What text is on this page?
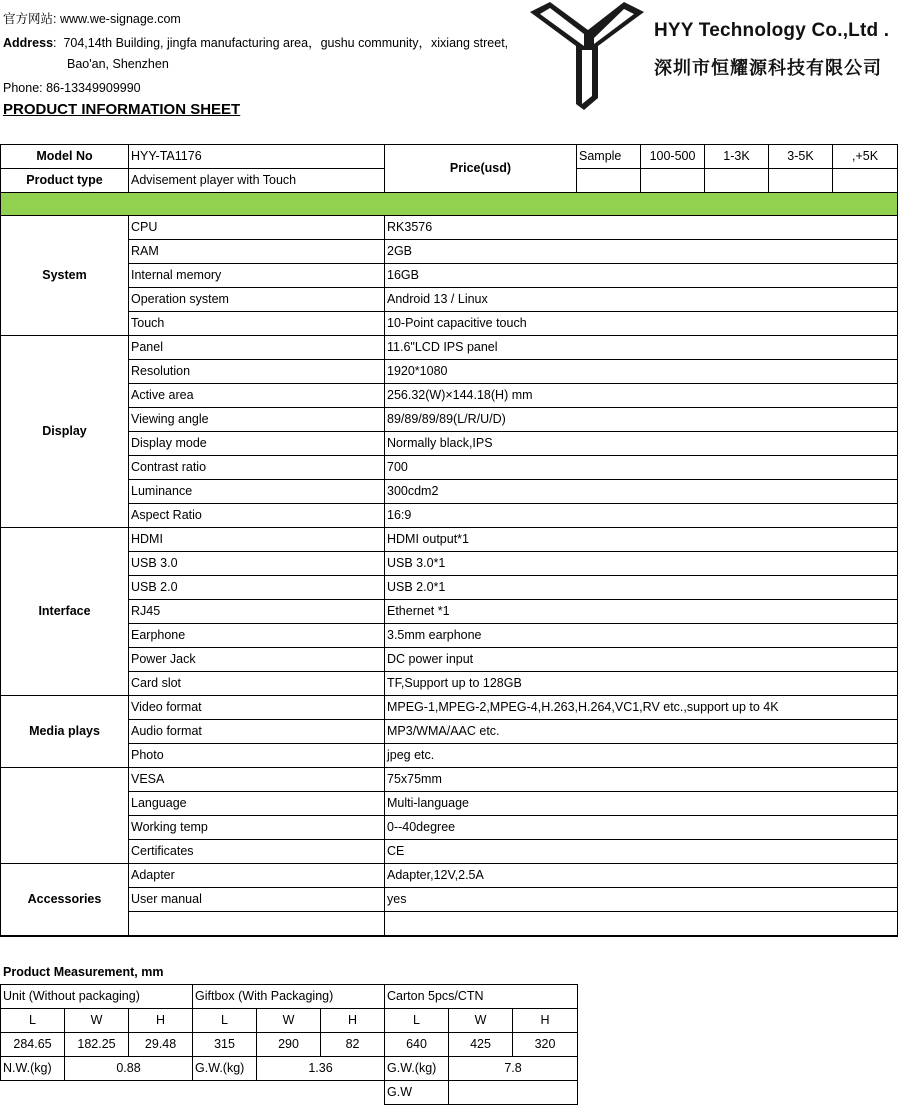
官方网站: www.we-signage.com
Address:  704,14th Building, jingfa manufacturing area，gushu community，xixiang street,
Bao'an, Shenzhen
Phone: 86-13349909990
PRODUCT INFORMATION SHEET
HYY Technology Co.,Ltd .
深圳市恒耀源科技有限公司
Model No	HYY-TA1176	Price(usd)	Sample	100-500	1-3K	3-5K	,+5K
Product type	Advisement player with Touch						

System	CPU	RK3576					
	RAM	2GB					
	Internal memory	16GB					
	Operation system	Android 13 / Linux					
	Touch	10-Point capacitive touch					
Display	Panel	11.6"LCD IPS panel					
	Resolution	1920*1080					
	Active area	256.32(W)×144.18(H) mm					
	Viewing angle	89/89/89/89(L/R/U/D)					
	Display mode	Normally black,IPS					
	Contrast ratio	700					
	Luminance	300cdm2					
	Aspect Ratio	16:9					
Interface	HDMI	HDMI output*1					
	USB 3.0	USB 3.0*1					
	USB 2.0	USB 2.0*1					
	RJ45	Ethernet *1					
	Earphone	3.5mm earphone					
	Power Jack	DC power input					
	Card slot	TF,Support up to 128GB					
Media plays	Video format	MPEG-1,MPEG-2,MPEG-4,H.263,H.264,VC1,RV etc.,support up to 4K					
	Audio format	MP3/WMA/AAC etc.					
	Photo	jpeg etc.					
	VESA	75x75mm					
	Language	Multi-language					
	Working temp	0--40degree					
	Certificates	CE					
Accessories	Adapter	Adapter,12V,2.5A					
	User manual	yes					

Product Measurement, mm
Unit (Without packaging)			Giftbox (With Packaging)			Carton 5pcs/CTN		
L	W	H	L	W	H	L	W	H
284.65	182.25	29.48	315	290	82	640	425	320
N.W.(kg)	0.88		G.W.(kg)	1.36		G.W.(kg)	7.8	
						G.W		
